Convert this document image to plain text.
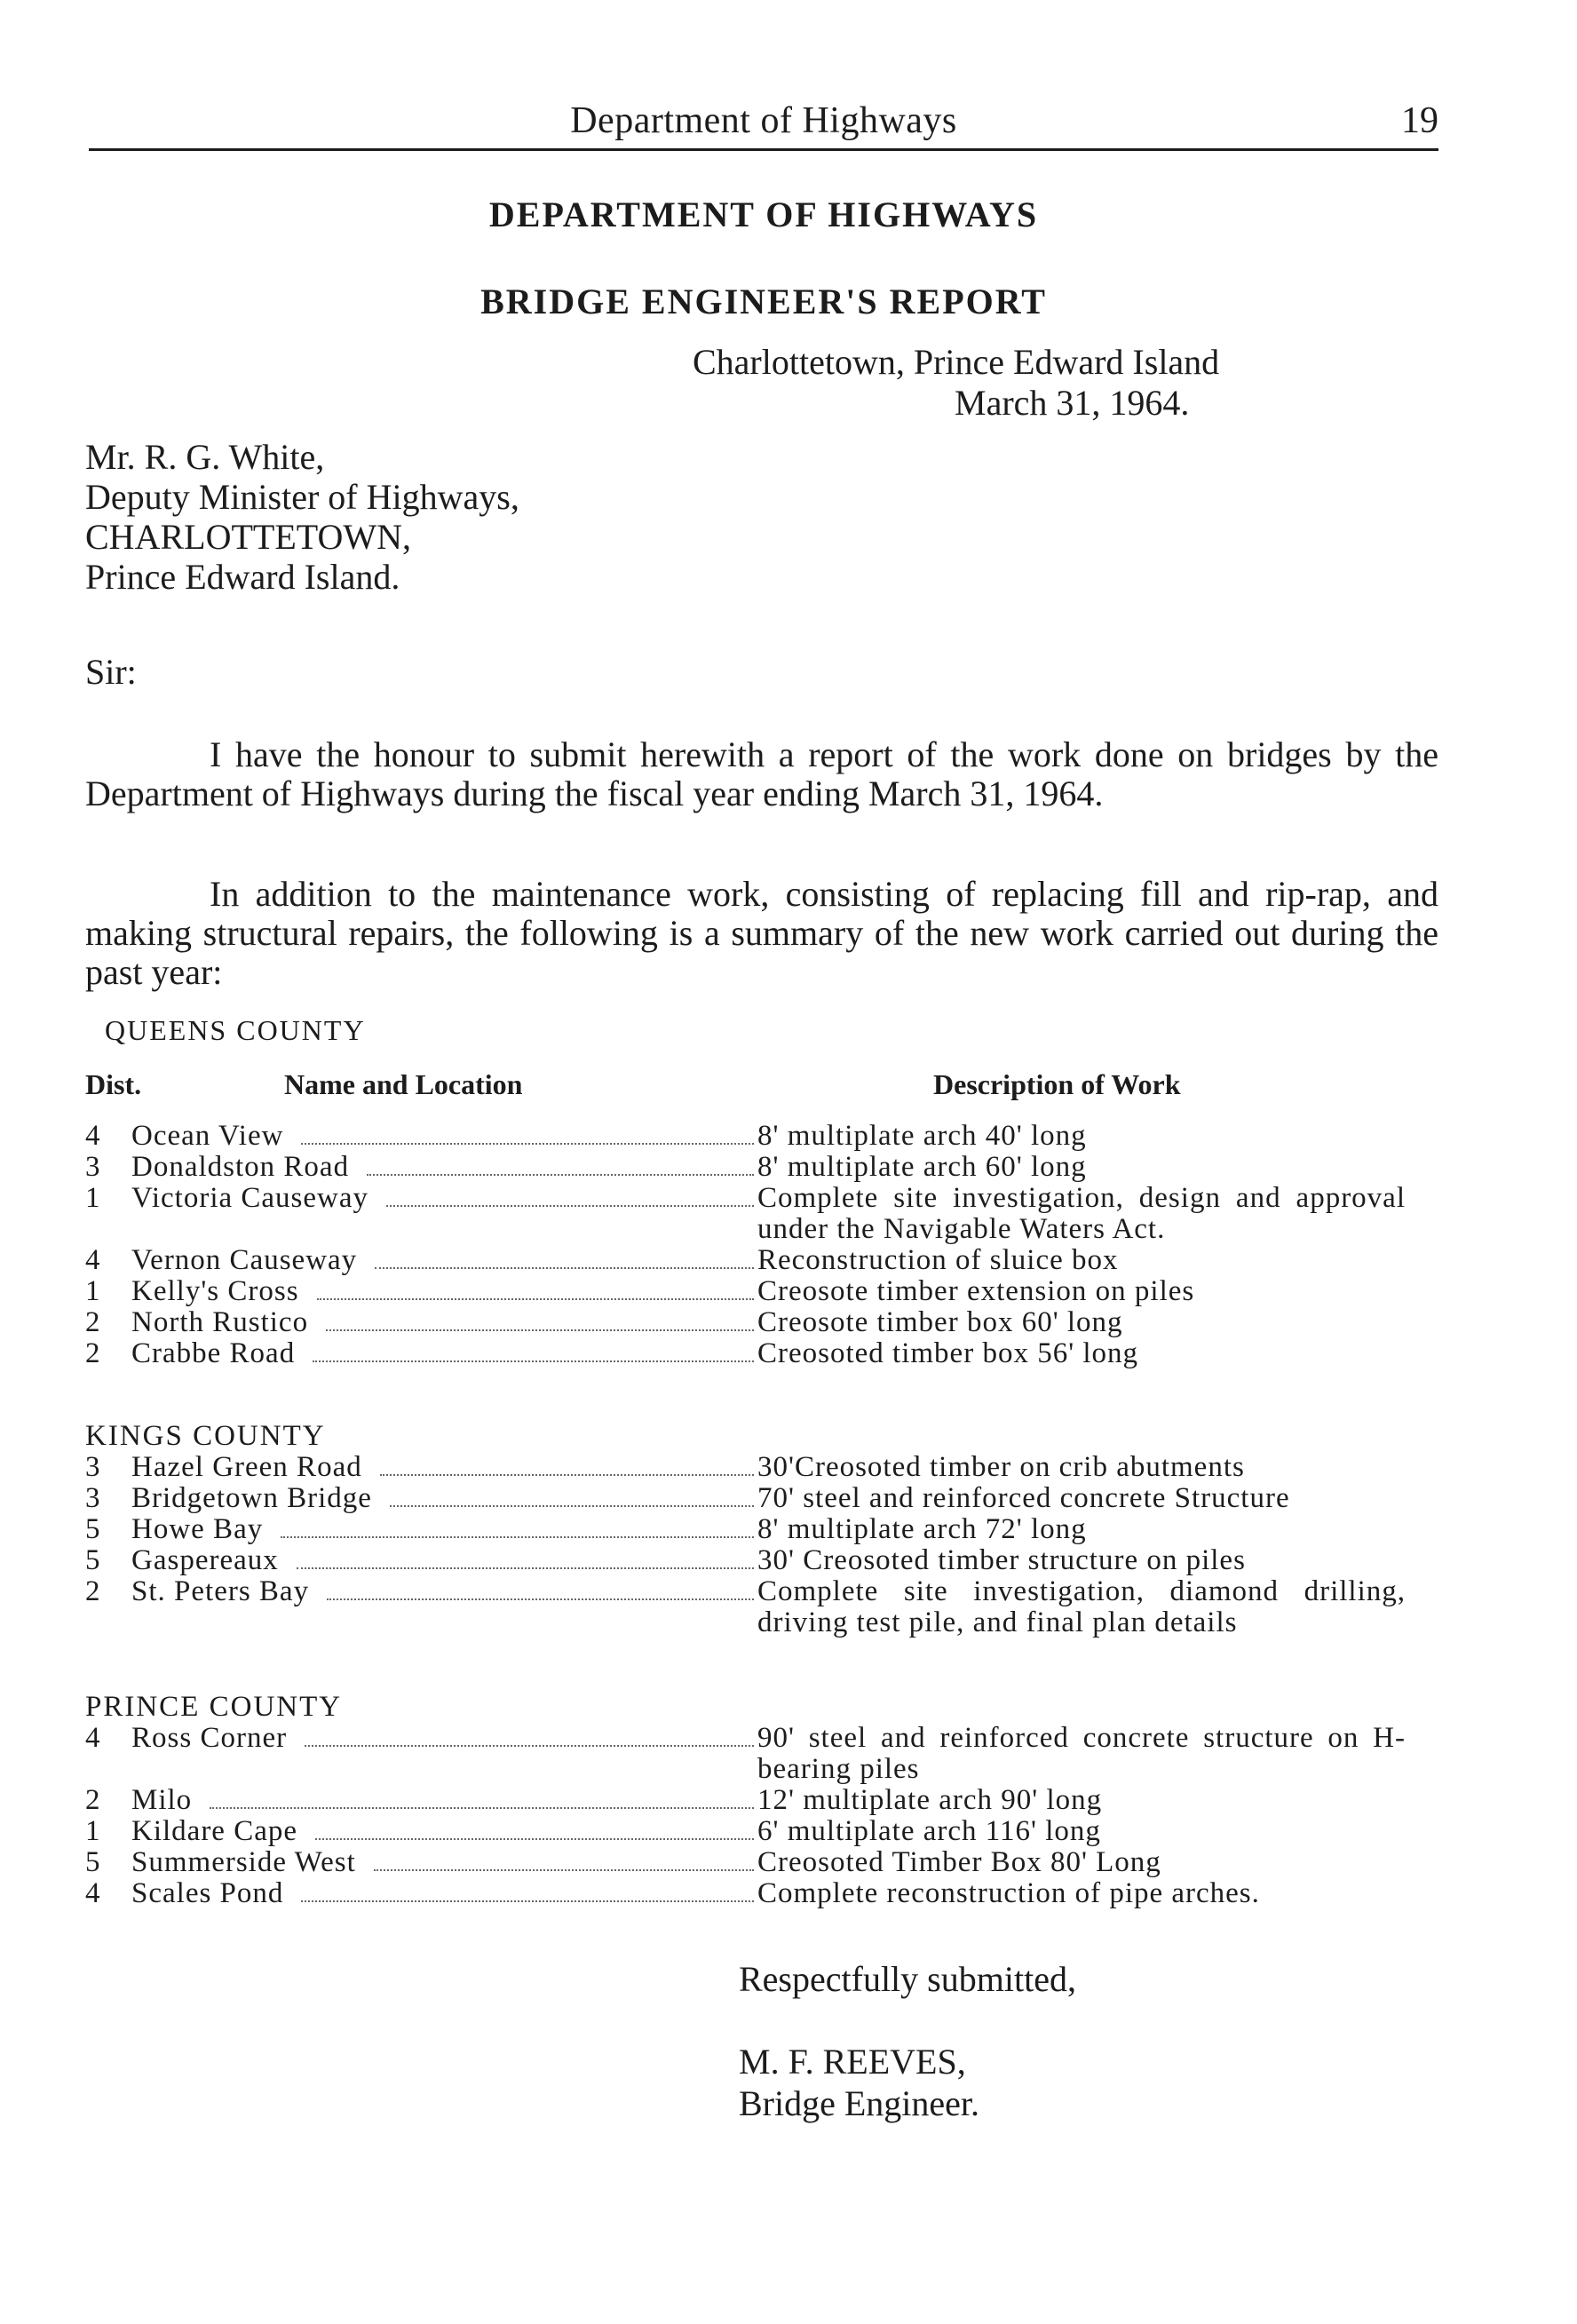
Department of Highways	19
DEPARTMENT OF HIGHWAYS
BRIDGE ENGINEER'S REPORT
Charlottetown, Prince Edward Island
March 31, 1964.
Mr. R. G. White,
Deputy Minister of Highways,
CHARLOTTETOWN,
Prince Edward Island.
Sir:
I have the honour to submit herewith a report of the work done on bridges by the Department of Highways during the fiscal year ending March 31, 1964.
In addition to the maintenance work, consisting of replacing fill and rip-rap, and making structural repairs, the following is a summary of the new work carried out during the past year:
QUEENS COUNTY
Dist.	Name and Location	Description of Work
4	Ocean View	8' multiplate arch 40' long
3	Donaldston Road	8' multiplate arch 60' long
1	Victoria Causeway	Complete site investigation, design and approval under the Navigable Waters Act.
4	Vernon Causeway	Reconstruction of sluice box
1	Kelly's Cross	Creosote timber extension on piles
2	North Rustico	Creosote timber box 60' long
2	Crabbe Road	Creosoted timber box 56' long
KINGS COUNTY
3	Hazel Green Road	30'Creosoted timber on crib abutments
3	Bridgetown Bridge	70' steel and reinforced concrete Structure
5	Howe Bay	8' multiplate arch 72' long
5	Gaspereaux	30' Creosoted timber structure on piles
2	St. Peters Bay	Complete site investigation, diamond drilling, driving test pile, and final plan details
PRINCE COUNTY
4	Ross Corner	90' steel and reinforced concrete structure on H-bearing piles
2	Milo	12' multiplate arch 90' long
1	Kildare Cape	6' multiplate arch 116' long
5	Summerside West	Creosoted Timber Box 80' Long
4	Scales Pond	Complete reconstruction of pipe arches.
Respectfully submitted,
M. F. REEVES,
Bridge Engineer.
